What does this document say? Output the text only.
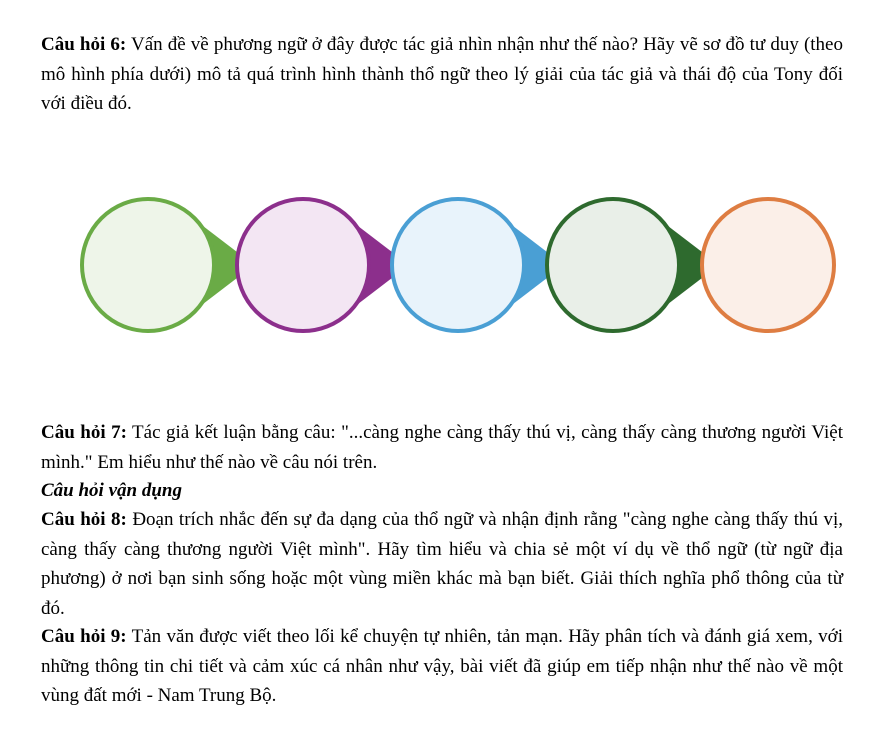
Câu hỏi 6: Vấn đề về phương ngữ ở đây được tác giả nhìn nhận như thế nào? Hãy vẽ sơ đồ tư duy (theo mô hình phía dưới) mô tả quá trình hình thành thổ ngữ theo lý giải của tác giả và thái độ của Tony đối với điều đó.

Câu hỏi 7: Tác giả kết luận bằng câu: "...càng nghe càng thấy thú vị, càng thấy càng thương người Việt mình." Em hiểu như thế nào về câu nói trên.

Câu hỏi vận dụng

Câu hỏi 8: Đoạn trích nhắc đến sự đa dạng của thổ ngữ và nhận định rằng "càng nghe càng thấy thú vị, càng thấy càng thương người Việt mình". Hãy tìm hiểu và chia sẻ một ví dụ về thổ ngữ (từ ngữ địa phương) ở nơi bạn sinh sống hoặc một vùng miền khác mà bạn biết. Giải thích nghĩa phổ thông của từ đó.

Câu hỏi 9: Tản văn được viết theo lối kể chuyện tự nhiên, tản mạn. Hãy phân tích và đánh giá xem, với những thông tin chi tiết và cảm xúc cá nhân như vậy, bài viết đã giúp em tiếp nhận như thế nào về một vùng đất mới - Nam Trung Bộ.
